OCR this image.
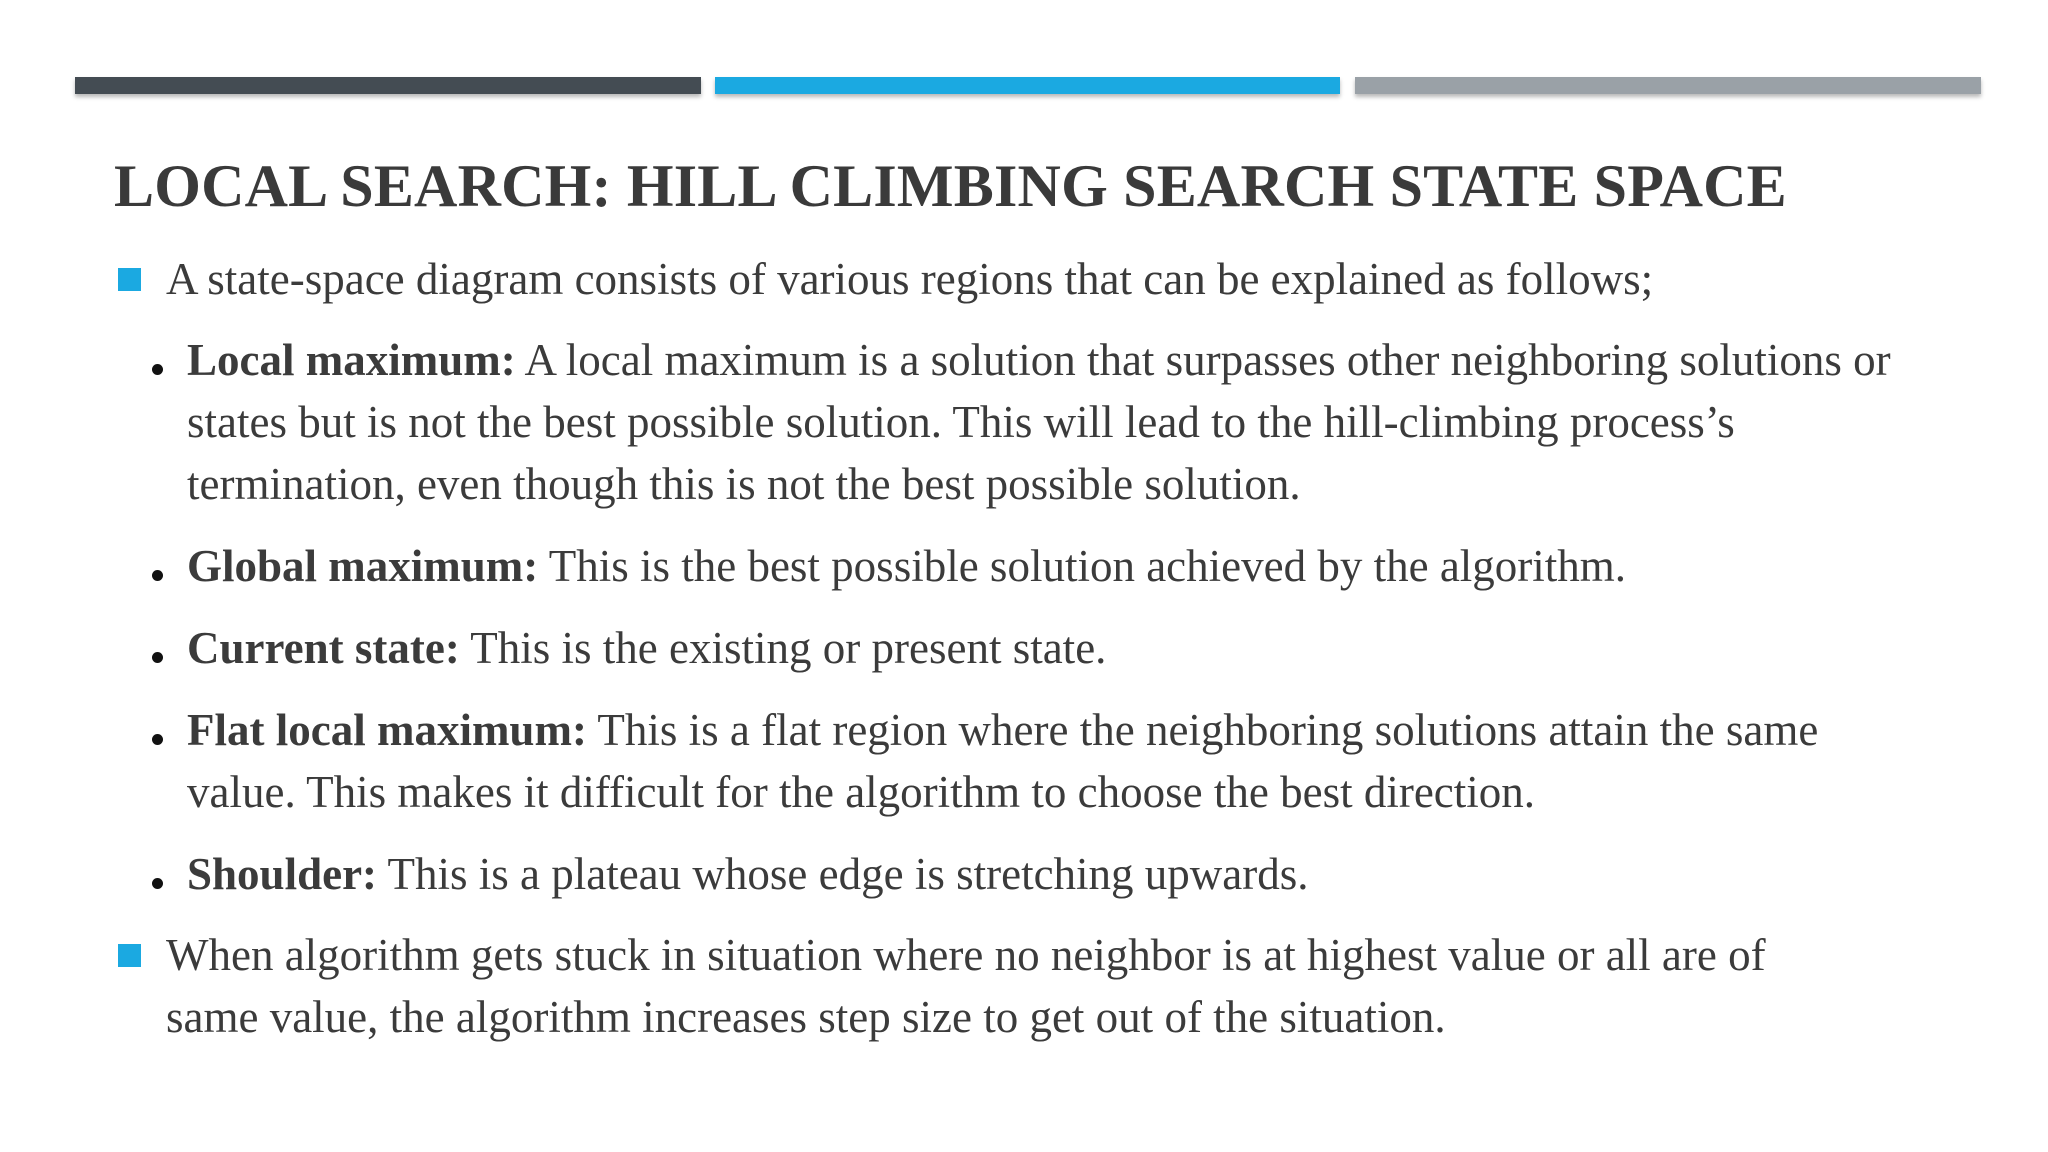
LOCAL SEARCH: HILL CLIMBING SEARCH STATE SPACE
A state-space diagram consists of various regions that can be explained as follows;
Local maximum: A local maximum is a solution that surpasses other neighboring solutions or states but is not the best possible solution. This will lead to the hill-climbing process’s termination, even though this is not the best possible solution.
Global maximum: This is the best possible solution achieved by the algorithm.
Current state: This is the existing or present state.
Flat local maximum: This is a flat region where the neighboring solutions attain the same value. This makes it difficult for the algorithm to choose the best direction.
Shoulder: This is a plateau whose edge is stretching upwards.
When algorithm gets stuck in situation where no neighbor is at highest value or all are of same value, the algorithm increases step size to get out of the situation.
